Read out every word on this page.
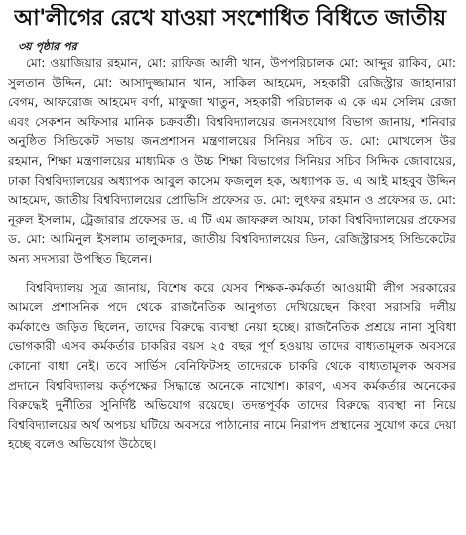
আ'লীগের রেখে যাওয়া সংশোধিত বিধিতে জাতীয়
৩য় পৃষ্ঠার পর

মো: ওয়াজিয়ার রহমান, মো: রাফিজ আলী খান, উপপরিচালক মো: আব্দুর রাকিব, মো: সুলতান উদ্দিন, মো: আসাদুজ্জামান খান, সাকিল আহমেদ, সহকারী রেজিস্ট্রার জাহানারা বেগম, আফরোজ আহমেদ বর্ণা, মাফুজা খাতুন, সহকারী পরিচালক এ কে এম সেলিম রেজা এবং সেকশন অফিসার মানিক চক্রবর্তী। বিশ্ববিদ্যালয়ের জনসংযোগ বিভাগ জানায়, শনিবার অনুষ্ঠিত সিন্ডিকেট সভায় জনপ্রশাসন মন্ত্রণালয়ের সিনিয়র সচিব ড. মো: মোখলেস উর রহমান, শিক্ষা মন্ত্রণালয়ের মাধ্যমিক ও উচ্চ শিক্ষা বিভাগের সিনিয়র সচিব সিদ্দিক জোবায়ের, ঢাকা বিশ্ববিদ্যালয়ের অধ্যাপক আবুল কাসেম ফজলুল হক, অধ্যাপক ড. এ আই মাহবুব উদ্দিন আহমেদ, জাতীয় বিশ্ববিদ্যালয়ের প্রোভিসি প্রফেসর ড. মো: লুৎফর রহমান ও প্রফেসর ড. মো: নূরুল ইসলাম, ট্রেজারার প্রফেসর ড. এ টি এম জাফরুল আযম, ঢাকা বিশ্ববিদ্যালয়ের প্রফেসর ড. মো: আমিনুল ইসলাম তালুকদার, জাতীয় বিশ্ববিদ্যালয়ের ডিন, রেজিস্ট্রারসহ সিন্ডিকেটের অন্য সদস্যরা উপস্থিত ছিলেন।

বিশ্ববিদ্যালয় সূত্র জানায়, বিশেষ করে যেসব শিক্ষক-কর্মকর্তা আওয়ামী লীগ সরকারের আমলে প্রশাসনিক পদে থেকে রাজনৈতিক আনুগত্য দেখিয়েছেন কিংবা সরাসরি দলীয় কর্মকাণ্ডে জড়িত ছিলেন, তাদের বিরুদ্ধে ব্যবস্থা নেয়া হচ্ছে। রাজনৈতিক প্রশ্রয়ে নানা সুবিধা ভোগকারী এসব কর্মকর্তার চাকরির বয়স ২৫ বছর পূর্ণ হওয়ায় তাদের বাধ্যতামূলক অবসরে কোনো বাধা নেই। তবে সার্ভিস বেনিফিটসহ তাদেরকে চাকরি থেকে বাধ্যতামূলক অবসর প্রদানে বিশ্ববিদ্যালয় কর্তৃপক্ষের সিদ্ধান্তে অনেকে নাখোশ। কারণ, এসব কর্মকর্তার অনেকের বিরুদ্ধেই দুর্নীতির সুনির্দিষ্ট অভিযোগ রয়েছে। তদন্তপূর্বক তাদের বিরুদ্ধে ব্যবস্থা না নিয়ে বিশ্ববিদ্যালয়ের অর্থ অপচয় ঘটিয়ে অবসরে পাঠানোর নামে নিরাপদ প্রস্থানের সুযোগ করে দেয়া হচ্ছে বলেও অভিযোগ উঠেছে।
